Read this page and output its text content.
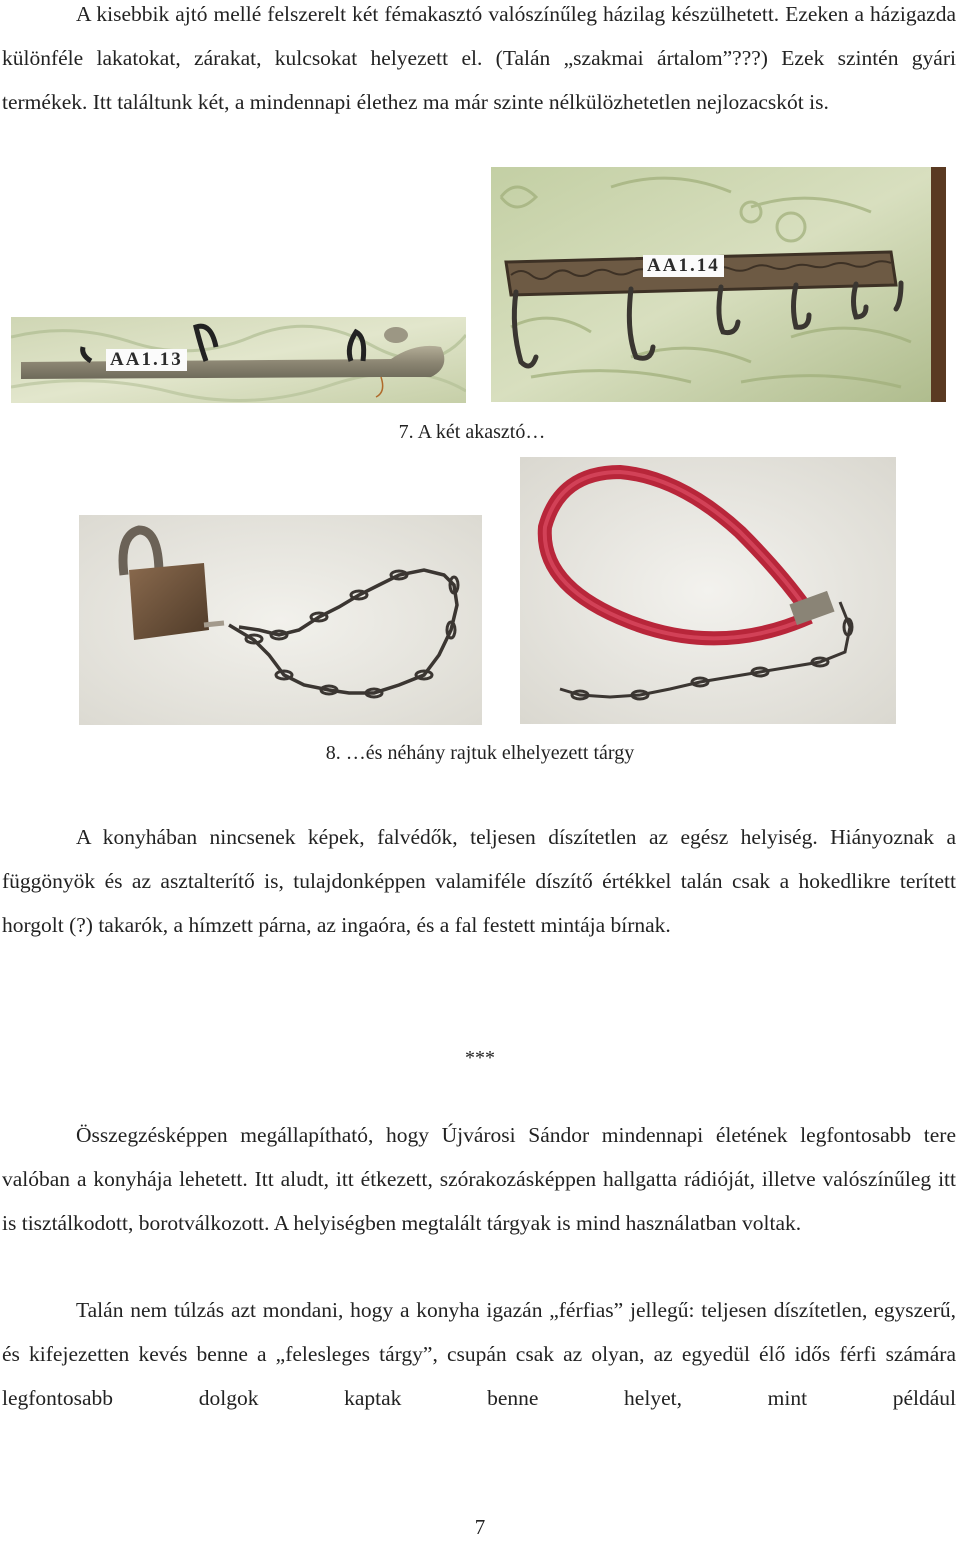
A kisebbik ajtó mellé felszerelt két fémakasztó valószínűleg házilag készülhetett. Ezeken a házigazda különféle lakatokat, zárakat, kulcsokat helyezett el. (Talán „szakmai ártalom”???) Ezek szintén gyári termékek. Itt találtunk két, a mindennapi élethez ma már szinte nélkülözhetetlen nejlozacskót is.

AA1.13
AA1.14

7. A két akasztó…

8. …és néhány rajtuk elhelyezett tárgy

A konyhában nincsenek képek, falvédők, teljesen díszítetlen az egész helyiség. Hiányoznak a függönyök és az asztalterítő is, tulajdonképpen valamiféle díszítő értékkel talán csak a hokedlikre terített horgolt (?) takarók, a hímzett párna, az ingaóra, és a fal festett mintája bírnak.

***

Összegzésképpen megállapítható, hogy Újvárosi Sándor mindennapi életének legfontosabb tere valóban a konyhája lehetett. Itt aludt, itt étkezett, szórakozásképpen hallgatta rádióját, illetve valószínűleg itt is tisztálkodott, borotválkozott. A helyiségben megtalált tárgyak is mind használatban voltak.

Talán nem túlzás azt mondani, hogy a konyha igazán „férfias” jellegű: teljesen díszítetlen, egyszerű, és kifejezetten kevés benne a „felesleges tárgy”, csupán csak az olyan, az egyedül élő idős férfi számára legfontosabb dolgok kaptak benne helyet, mint például

7
